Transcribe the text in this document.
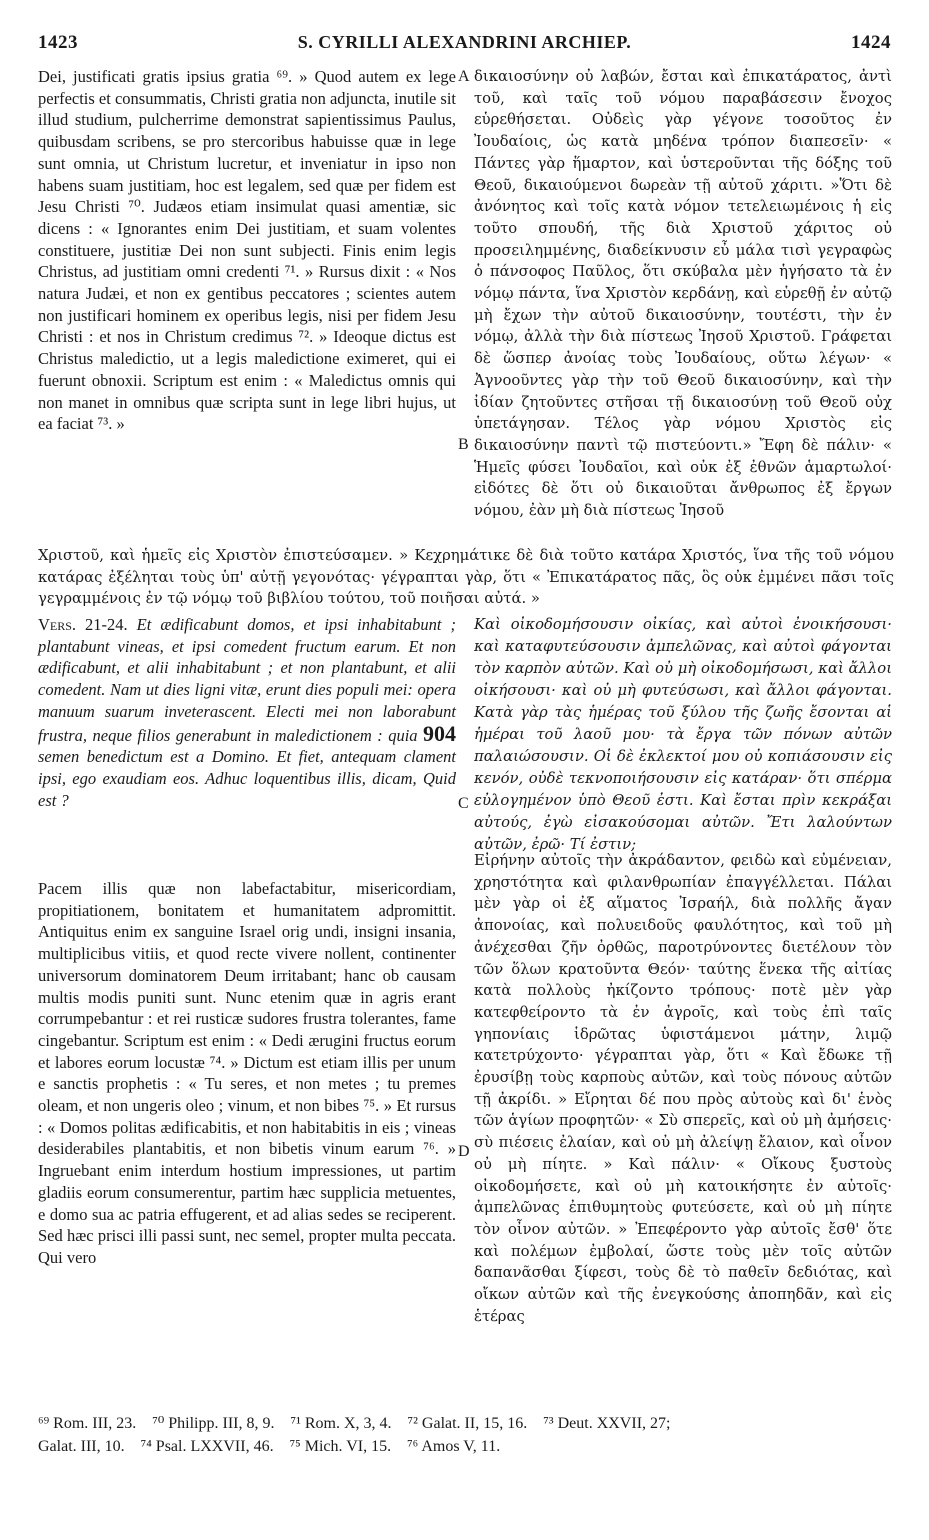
1423	S. CYRILLI ALEXANDRINI ARCHIEP.	1424
Dei, justificati gratis ipsius gratia ⁶⁹. » Quod autem ex lege perfectis et consummatis, Christi gratia non adjuncta, inutile sit illud studium, pulcherrime demonstrat sapientissimus Paulus, quibusdam scribens, se pro stercoribus habuisse quæ in lege sunt omnia, ut Christum lucretur, et inveniatur in ipso non habens suam justitiam, hoc est legalem, sed quæ per fidem est Jesu Christi ⁷⁰. Judæos etiam insimulat quasi amentiæ, sic dicens : « Ignorantes enim Dei justitiam, et suam volentes constituere, justitiæ Dei non sunt subjecti. Finis enim legis Christus, ad justitiam omni credenti ⁷¹. » Rursus dixit : « Nos natura Judæi, et non ex gentibus peccatores ; scientes autem non justificari hominem ex operibus legis, nisi per fidem Jesu Christi : et nos in Christum credimus ⁷². » Ideoque dictus est Christus maledictio, ut a legis maledictione eximeret, qui ei fuerunt obnoxii. Scriptum est enim : « Maledictus omnis qui non manet in omnibus quæ scripta sunt in lege libri hujus, ut ea faciat ⁷³. »
δικαιοσύνην οὐ λαβών, ἔσται καὶ ἐπικατάρατος, ἀντὶ τοῦ, καὶ ταῖς τοῦ νόμου παραβάσεσιν ἔνοχος εὑρεθήσεται. Οὐδεὶς γὰρ γέγονε τοσοῦτος ἐν Ἰουδαίοις, ὡς κατὰ μηδένα τρόπον διαπεσεῖν· « Πάντες γὰρ ἥμαρτον, καὶ ὑστεροῦνται τῆς δόξης τοῦ Θεοῦ, δικαιούμενοι δωρεὰν τῇ αὐτοῦ χάριτι. »Ὅτι δὲ ἀνόνητος καὶ τοῖς κατὰ νόμον τετελειωμένοις ἡ εἰς τοῦτο σπουδή, τῆς διὰ Χριστοῦ χάριτος οὐ προσειλημμένης, διαδείκνυσιν εὖ μάλα τισὶ γεγραφὼς ὁ πάνσοφος Παῦλος, ὅτι σκύβαλα μὲν ἡγήσατο τὰ ἐν νόμῳ πάντα, ἵνα Χριστὸν κερδάνῃ, καὶ εὑρεθῇ ἐν αὐτῷ μὴ ἔχων τὴν αὐτοῦ δικαιοσύνην, τουτέστι, τὴν ἐν νόμῳ, ἀλλὰ τὴν διὰ πίστεως Ἰησοῦ Χριστοῦ. Γράφεται δὲ ὥσπερ ἀνοίας τοὺς Ἰουδαίους, οὕτω λέγων· « Ἀγνοοῦντες γὰρ τὴν τοῦ Θεοῦ δικαιοσύνην, καὶ τὴν ἰδίαν ζητοῦντες στῆσαι τῇ δικαιοσύνῃ τοῦ Θεοῦ οὐχ ὑπετάγησαν. Τέλος γὰρ νόμου Χριστὸς εἰς δικαιοσύνην παντὶ τῷ πιστεύοντι.» Ἔφη δὲ πάλιν· « Ἡμεῖς φύσει Ἰουδαῖοι, καὶ οὐκ ἐξ ἐθνῶν ἁμαρτωλοί· εἰδότες δὲ ὅτι οὐ δικαιοῦται ἄνθρωπος ἐξ ἔργων νόμου, ἐὰν μὴ διὰ πίστεως Ἰησοῦ
A
B
C
D
Χριστοῦ, καὶ ἡμεῖς εἰς Χριστὸν ἐπιστεύσαμεν. » Κεχρημάτικε δὲ διὰ τοῦτο κατάρα Χριστός, ἵνα τῆς τοῦ νόμου κατάρας ἐξέληται τοὺς ὑπ' αὐτῇ γεγονότας· γέγραπται γὰρ, ὅτι « Ἐπικατάρατος πᾶς, ὃς οὐκ ἐμμένει πᾶσι τοῖς γεγραμμένοις ἐν τῷ νόμῳ τοῦ βιβλίου τούτου, τοῦ ποιῆσαι αὐτά. »
Vers. 21-24. Et ædificabunt domos, et ipsi inhabitabunt ; plantabunt vineas, et ipsi comedent fructum earum. Et non ædificabunt, et alii inhabitabunt ; et non plantabunt, et alii comedent. Nam ut dies ligni vitæ, erunt dies populi mei: opera manuum suarum inveterascent. Electi mei non laborabunt frustra, neque filios generabunt in maledictionem : quia 904 semen benedictum est a Domino. Et fiet, antequam clament ipsi, ego exaudiam eos. Adhuc loquentibus illis, dicam, Quid est ?
Καὶ οἰκοδομήσουσιν οἰκίας, καὶ αὐτοὶ ἐνοικήσουσι· καὶ καταφυτεύσουσιν ἀμπελῶνας, καὶ αὐτοὶ φάγονται τὸν καρπὸν αὐτῶν. Καὶ οὐ μὴ οἰκοδομήσωσι, καὶ ἄλλοι οἰκήσουσι· καὶ οὐ μὴ φυτεύσωσι, καὶ ἄλλοι φάγονται. Κατὰ γὰρ τὰς ἡμέρας τοῦ ξύλου τῆς ζωῆς ἔσονται αἱ ἡμέραι τοῦ λαοῦ μου· τὰ ἔργα τῶν πόνων αὐτῶν παλαιώσουσιν. Οἱ δὲ ἐκλεκτοί μου οὐ κοπιάσουσιν εἰς κενόν, οὐδὲ τεκνοποιήσουσιν εἰς κατάραν· ὅτι σπέρμα εὐλογημένον ὑπὸ Θεοῦ ἐστι. Καὶ ἔσται πρὶν κεκράξαι αὐτούς, ἐγὼ εἰσακούσομαι αὐτῶν. Ἔτι λαλούντων αὐτῶν, ἐρῶ· Τί ἐστιν;
Pacem illis quæ non labefactabitur, misericordiam, propitiationem, bonitatem et humanitatem adpromittit. Antiquitus enim ex sanguine Israel orig undi, insigni insania, multiplicibus vitiis, et quod recte vivere nollent, continenter universorum dominatorem Deum irritabant; hanc ob causam multis modis puniti sunt. Nunc etenim quæ in agris erant corrumpebantur : et rei rusticæ sudores frustra tolerantes, fame cingebantur. Scriptum est enim : « Dedi ærugini fructus eorum et labores eorum locustæ ⁷⁴. » Dictum est etiam illis per unum e sanctis prophetis : « Tu seres, et non metes ; tu premes oleam, et non ungeris oleo ; vinum, et non bibes ⁷⁵. » Et rursus : « Domos politas ædificabitis, et non habitabitis in eis ; vineas desiderabiles plantabitis, et non bibetis vinum earum ⁷⁶. » Ingruebant enim interdum hostium impressiones, ut partim gladiis eorum consumerentur, partim hæc supplicia metuentes, e domo sua ac patria effugerent, et ad alias sedes se reciperent. Sed hæc prisci illi passi sunt, nec semel, propter multa peccata. Qui vero
Εἰρήνην αὐτοῖς τὴν ἀκράδαντον, φειδὼ καὶ εὐμένειαν, χρηστότητα καὶ φιλανθρωπίαν ἐπαγγέλλεται. Πάλαι μὲν γὰρ οἱ ἐξ αἵματος Ἰσραήλ, διὰ πολλῆς ἄγαν ἀπονοίας, καὶ πολυειδοῦς φαυλότητος, καὶ τοῦ μὴ ἀνέχεσθαι ζῆν ὀρθῶς, παροτρύνοντες διετέλουν τὸν τῶν ὅλων κρατοῦντα Θεόν· ταύτης ἕνεκα τῆς αἰτίας κατὰ πολλοὺς ἠκίζοντο τρόπους· ποτὲ μὲν γὰρ κατεφθείροντο τὰ ἐν ἀγροῖς, καὶ τοὺς ἐπὶ ταῖς γηπονίαις ἱδρῶτας ὑφιστάμενοι μάτην, λιμῷ κατετρύχοντο· γέγραπται γὰρ, ὅτι « Καὶ ἔδωκε τῇ ἐρυσίβῃ τοὺς καρποὺς αὐτῶν, καὶ τοὺς πόνους αὐτῶν τῇ ἀκρίδι. » Εἴρηται δέ που πρὸς αὐτοὺς καὶ δι' ἑνὸς τῶν ἁγίων προφητῶν· « Σὺ σπερεῖς, καὶ οὐ μὴ ἀμήσεις· σὺ πιέσεις ἐλαίαν, καὶ οὐ μὴ ἀλείψῃ ἔλαιον, καὶ οἶνον οὐ μὴ πίητε. » Καὶ πάλιν· « Οἴκους ξυστοὺς οἰκοδομήσετε, καὶ οὐ μὴ κατοικήσητε ἐν αὐτοῖς· ἀμπελῶνας ἐπιθυμητοὺς φυτεύσετε, καὶ οὐ μὴ πίητε τὸν οἶνον αὐτῶν. » Ἐπεφέροντο γὰρ αὐτοῖς ἔσθ' ὅτε καὶ πολέμων ἐμβολαί, ὥστε τοὺς μὲν τοῖς αὐτῶν δαπανᾶσθαι ξίφεσι, τοὺς δὲ τὸ παθεῖν δεδιότας, καὶ οἴκων αὐτῶν καὶ τῆς ἐνεγκούσης ἀποπηδᾶν, καὶ εἰς ἑτέρας
⁶⁹ Rom. III, 23. ⁷⁰ Philipp. III, 8, 9. ⁷¹ Rom. X, 3, 4. ⁷² Galat. II, 15, 16. ⁷³ Deut. XXVII, 27;
Galat. III, 10. ⁷⁴ Psal. LXXVII, 46. ⁷⁵ Mich. VI, 15. ⁷⁶ Amos V, 11.
